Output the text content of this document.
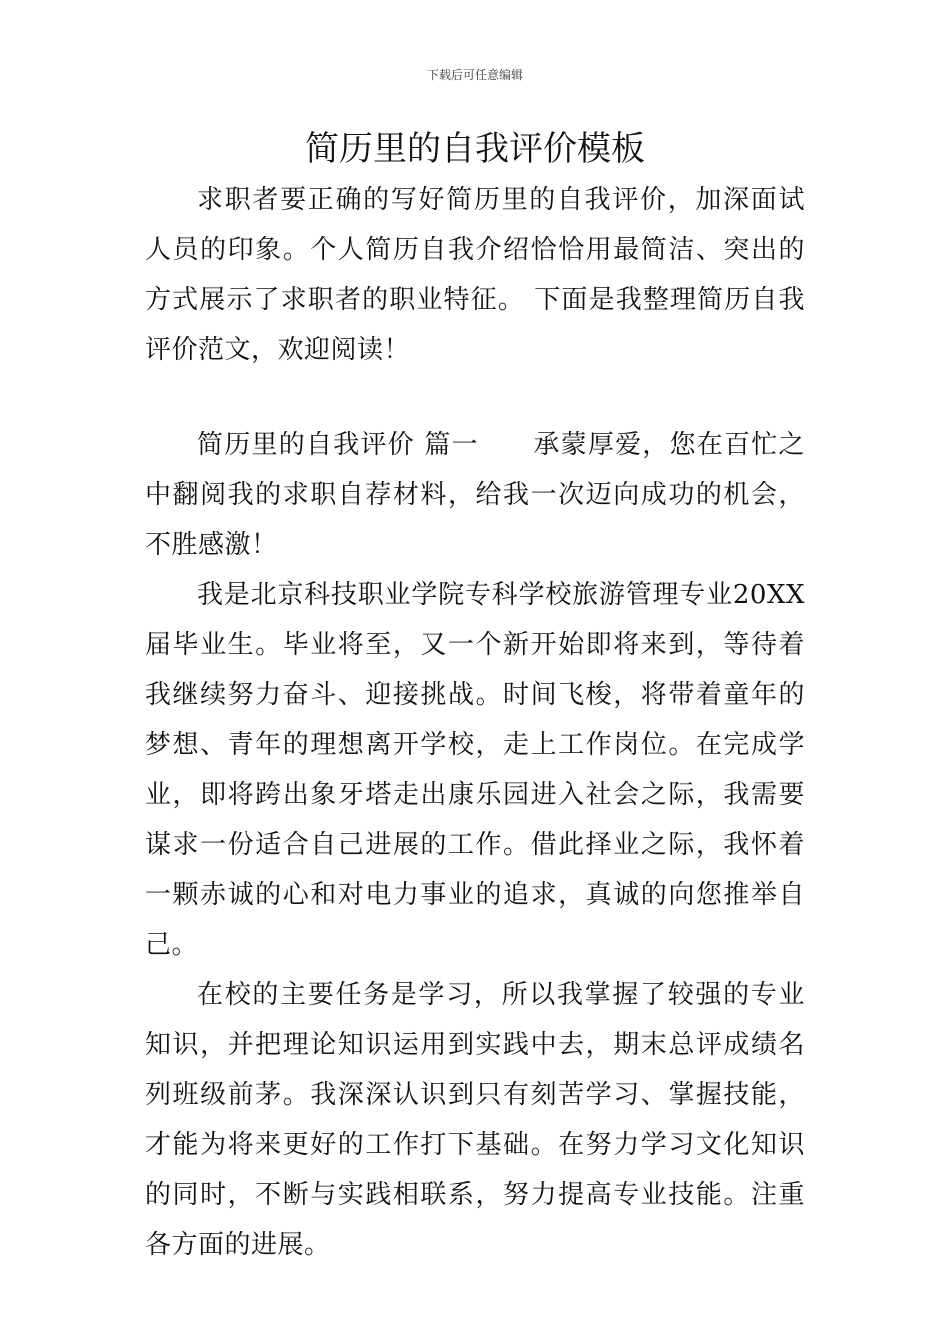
下载后可任意编辑
简历里的自我评价模板

求职者要正确的写好简历里的自我评价，加深面试人员的印象。个人简历自我介绍恰恰用最简洁、突出的方式展示了求职者的职业特征。 下面是我整理简历自我评价范文，欢迎阅读！

简历里的自我评价 篇一　　承蒙厚爱，您在百忙之中翻阅我的求职自荐材料，给我一次迈向成功的机会，不胜感激！

我是北京科技职业学院专科学校旅游管理专业20XX届毕业生。毕业将至，又一个新开始即将来到，等待着我继续努力奋斗、迎接挑战。时间飞梭，将带着童年的梦想、青年的理想离开学校，走上工作岗位。在完成学业，即将跨出象牙塔走出康乐园进入社会之际，我需要谋求一份适合自己进展的工作。借此择业之际，我怀着一颗赤诚的心和对电力事业的追求，真诚的向您推举自己。

在校的主要任务是学习，所以我掌握了较强的专业知识，并把理论知识运用到实践中去，期末总评成绩名列班级前茅。我深深认识到只有刻苦学习、掌握技能，才能为将来更好的工作打下基础。在努力学习文化知识的同时，不断与实践相联系，努力提高专业技能。注重各方面的进展。
